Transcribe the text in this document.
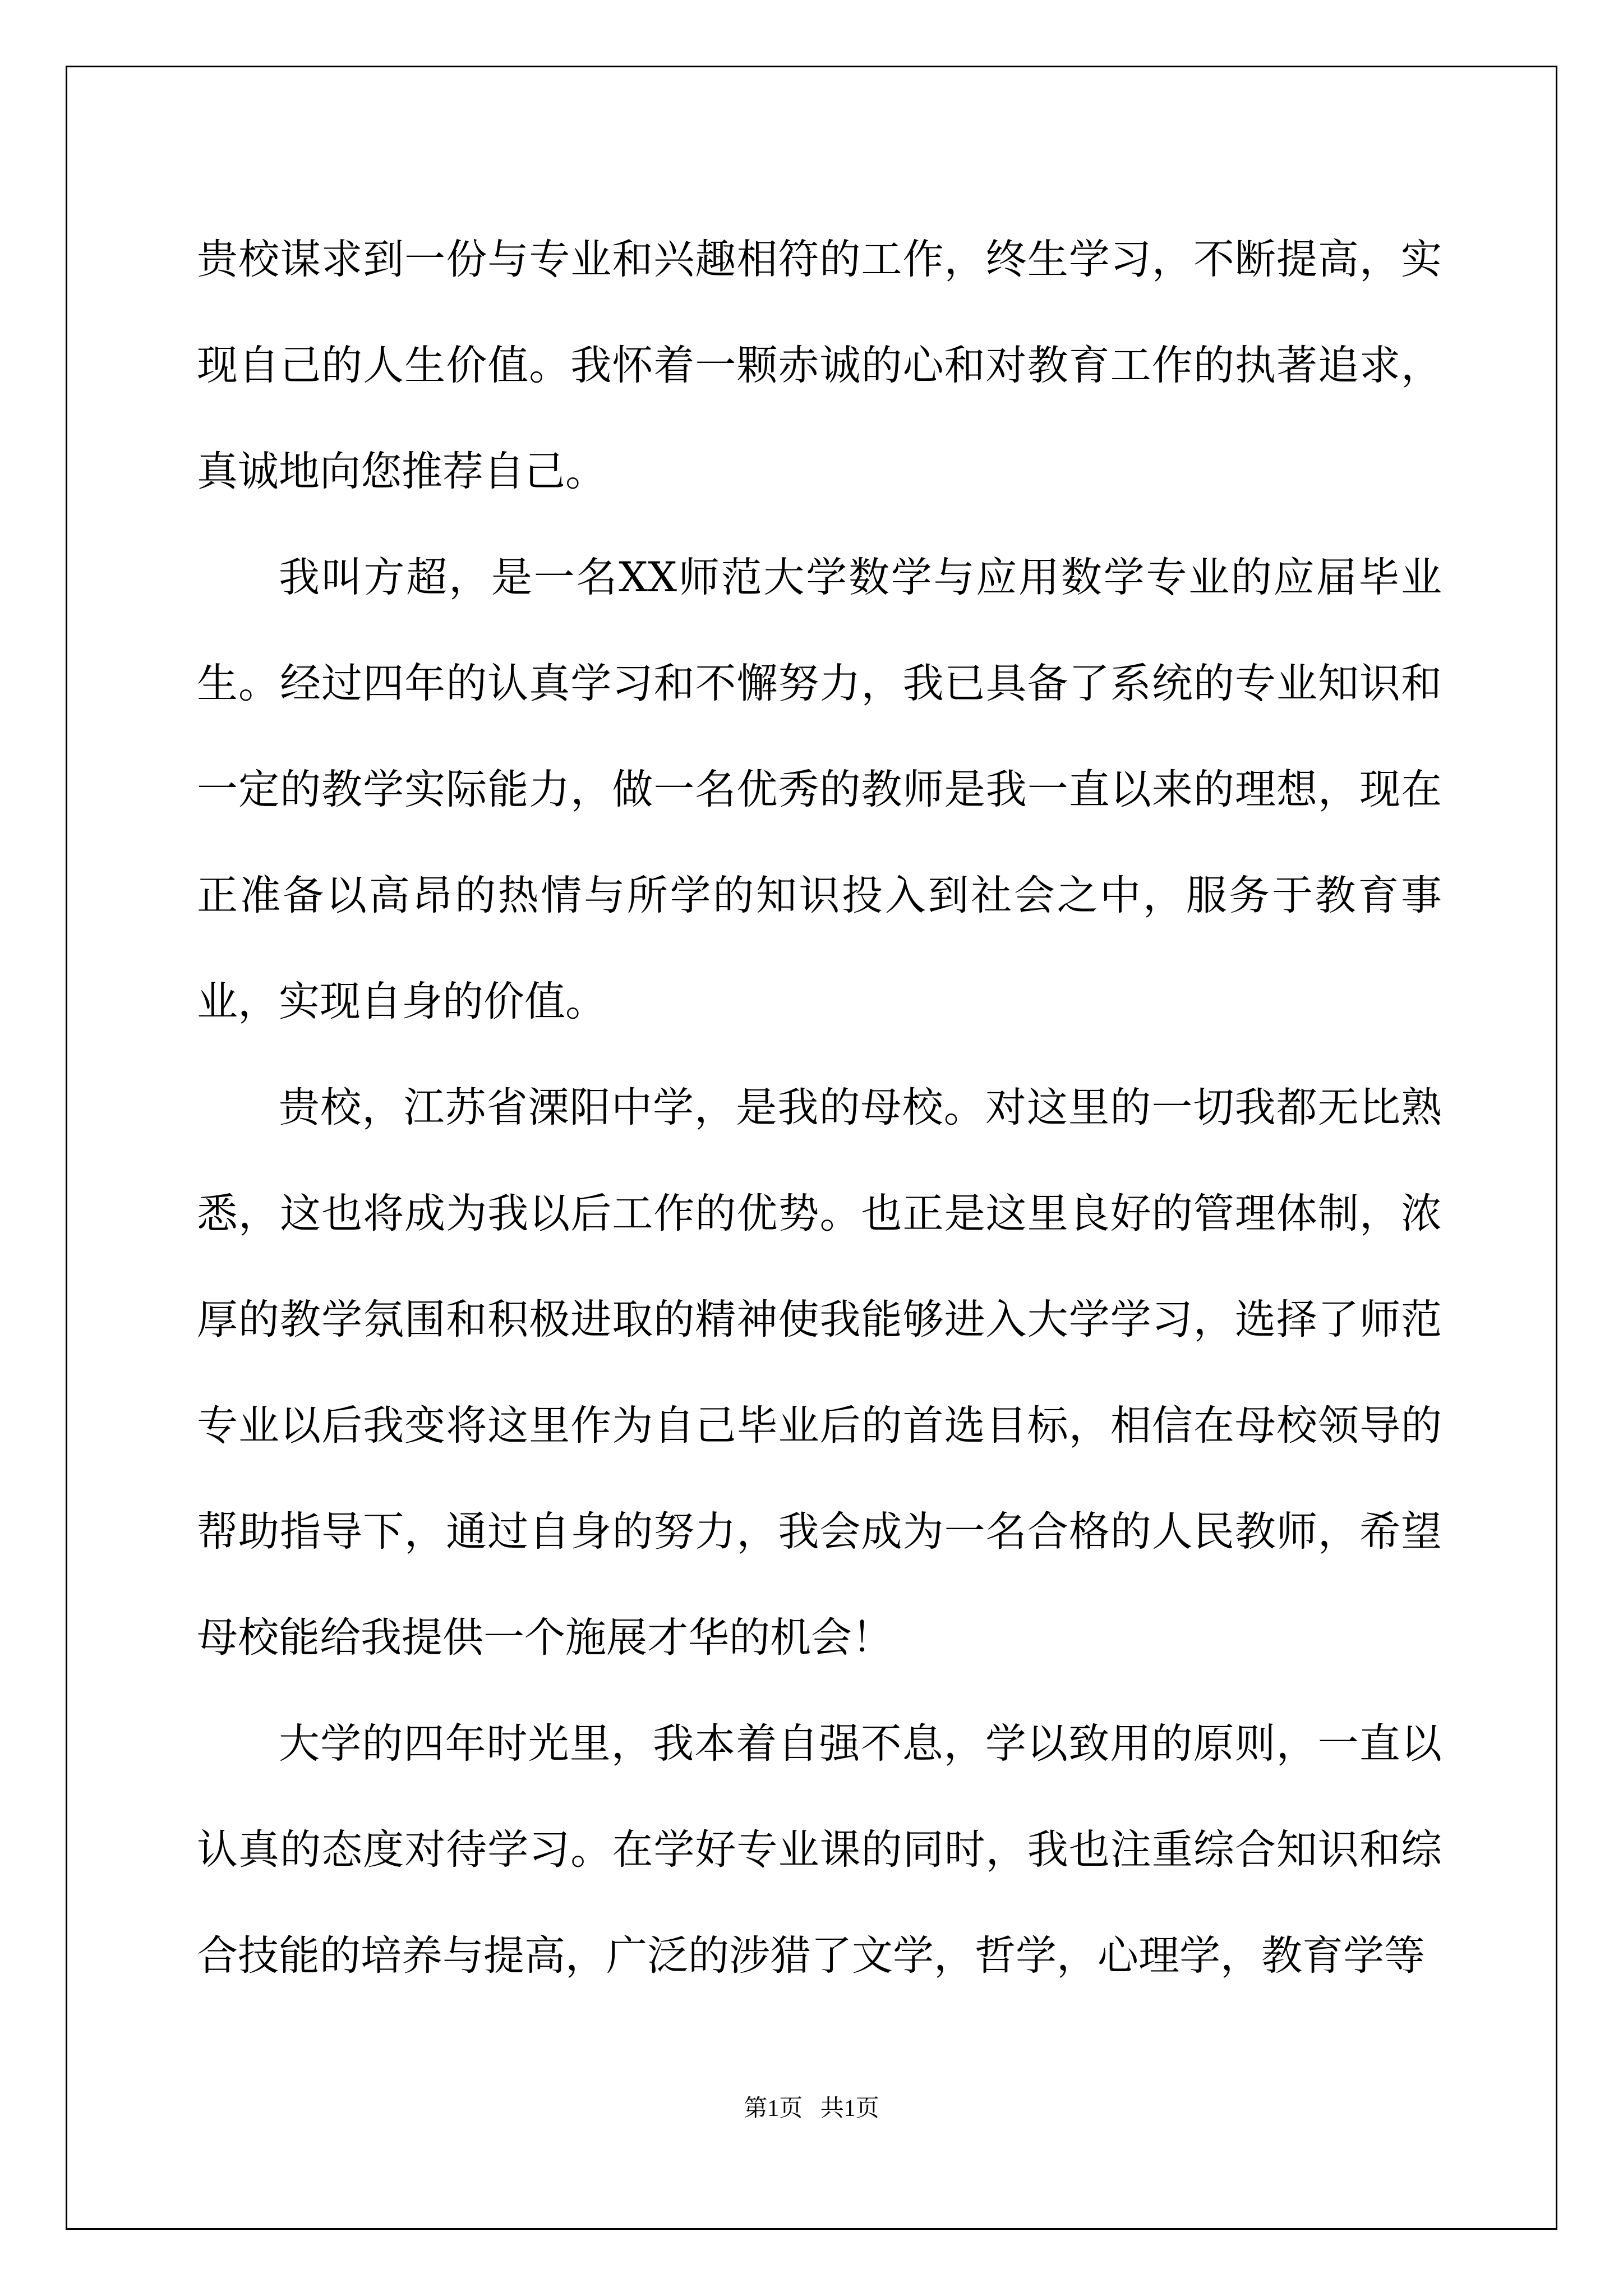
贵校谋求到一份与专业和兴趣相符的工作，终生学习，不断提高，实现自己的人生价值。我怀着一颗赤诚的心和对教育工作的执著追求，真诚地向您推荐自己。

我叫方超，是一名XX师范大学数学与应用数学专业的应届毕业生。经过四年的认真学习和不懈努力，我已具备了系统的专业知识和一定的教学实际能力，做一名优秀的教师是我一直以来的理想，现在正准备以高昂的热情与所学的知识投入到社会之中，服务于教育事业，实现自身的价值。

贵校，江苏省溧阳中学，是我的母校。对这里的一切我都无比熟悉，这也将成为我以后工作的优势。也正是这里良好的管理体制，浓厚的教学氛围和积极进取的精神使我能够进入大学学习，选择了师范专业以后我变将这里作为自己毕业后的首选目标，相信在母校领导的帮助指导下，通过自身的努力，我会成为一名合格的人民教师，希望母校能给我提供一个施展才华的机会！

大学的四年时光里，我本着自强不息，学以致用的原则，一直以认真的态度对待学习。在学好专业课的同时，我也注重综合知识和综合技能的培养与提高，广泛的涉猎了文学，哲学，心理学，教育学等

第1页   共1页
